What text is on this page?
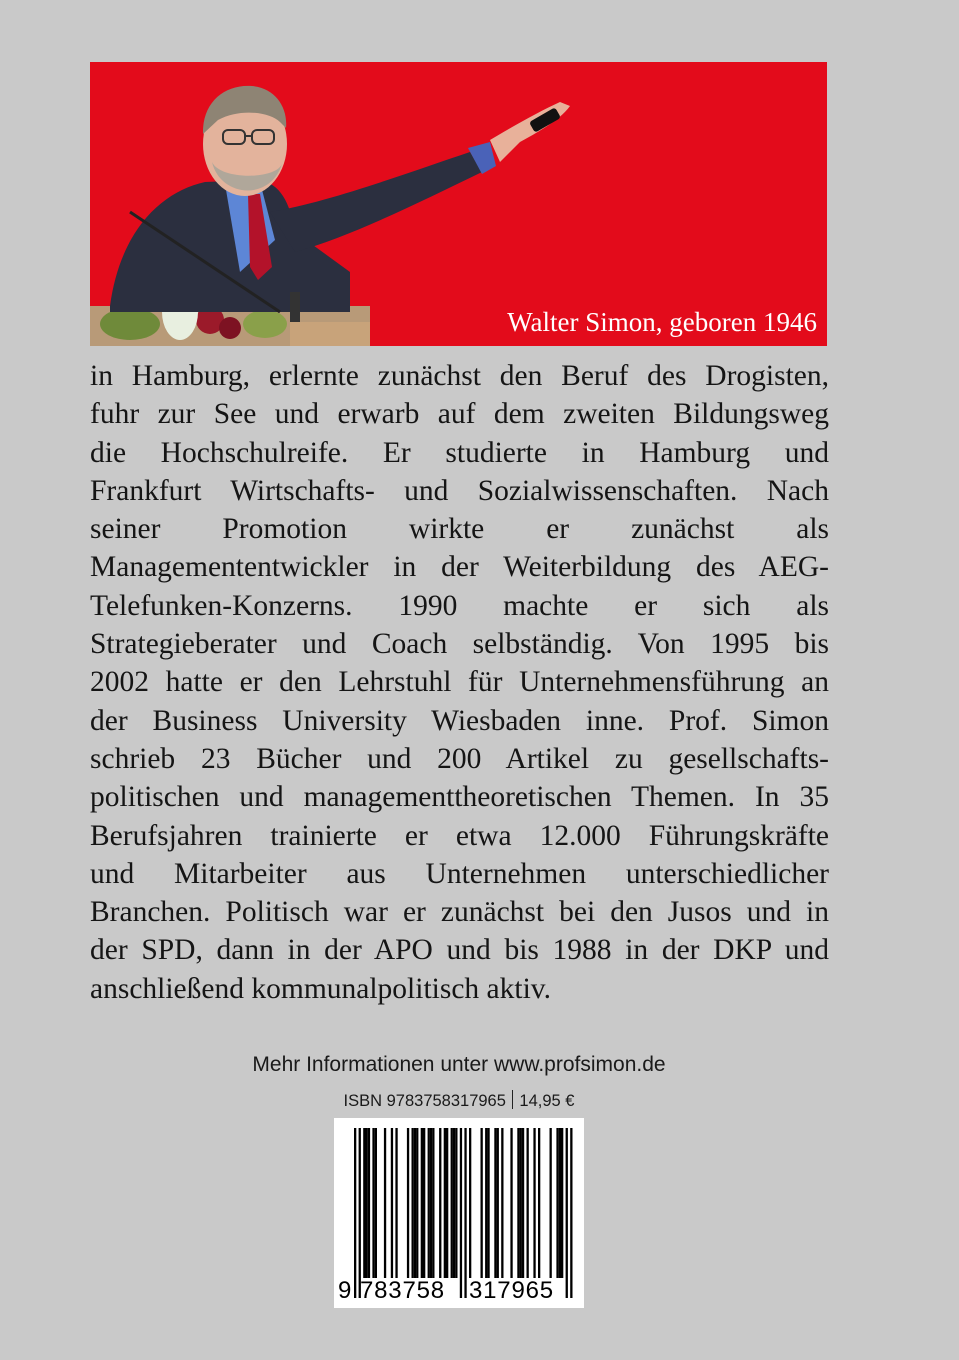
Walter Simon, geboren 1946
in Hamburg, erlernte zunächst den Beruf des Drogisten,
fuhr zur See und erwarb auf dem zweiten Bildungsweg
die Hochschulreife. Er studierte in Hamburg und
Frankfurt Wirtschafts- und Sozialwissenschaften. Nach
seiner Promotion wirkte er zunächst als
Managemententwickler in der Weiterbildung des AEG-
Telefunken-Konzerns. 1990 machte er sich als
Strategieberater und Coach selbständig. Von 1995 bis
2002 hatte er den Lehrstuhl für Unternehmensführung an
der Business University Wiesbaden inne. Prof. Simon
schrieb 23 Bücher und 200 Artikel zu gesellschafts-
politischen und managementtheoretischen Themen. In 35
Berufsjahren trainierte er etwa 12.000 Führungskräfte
und Mitarbeiter aus Unternehmen unterschiedlicher
Branchen. Politisch war er zunächst bei den Jusos und in
der SPD, dann in der APO und bis 1988 in der DKP und
anschließend kommunalpolitisch aktiv.
Mehr Informationen unter www.profsimon.de
ISBN 9783758317965 14,95 €
9 783758 317965
